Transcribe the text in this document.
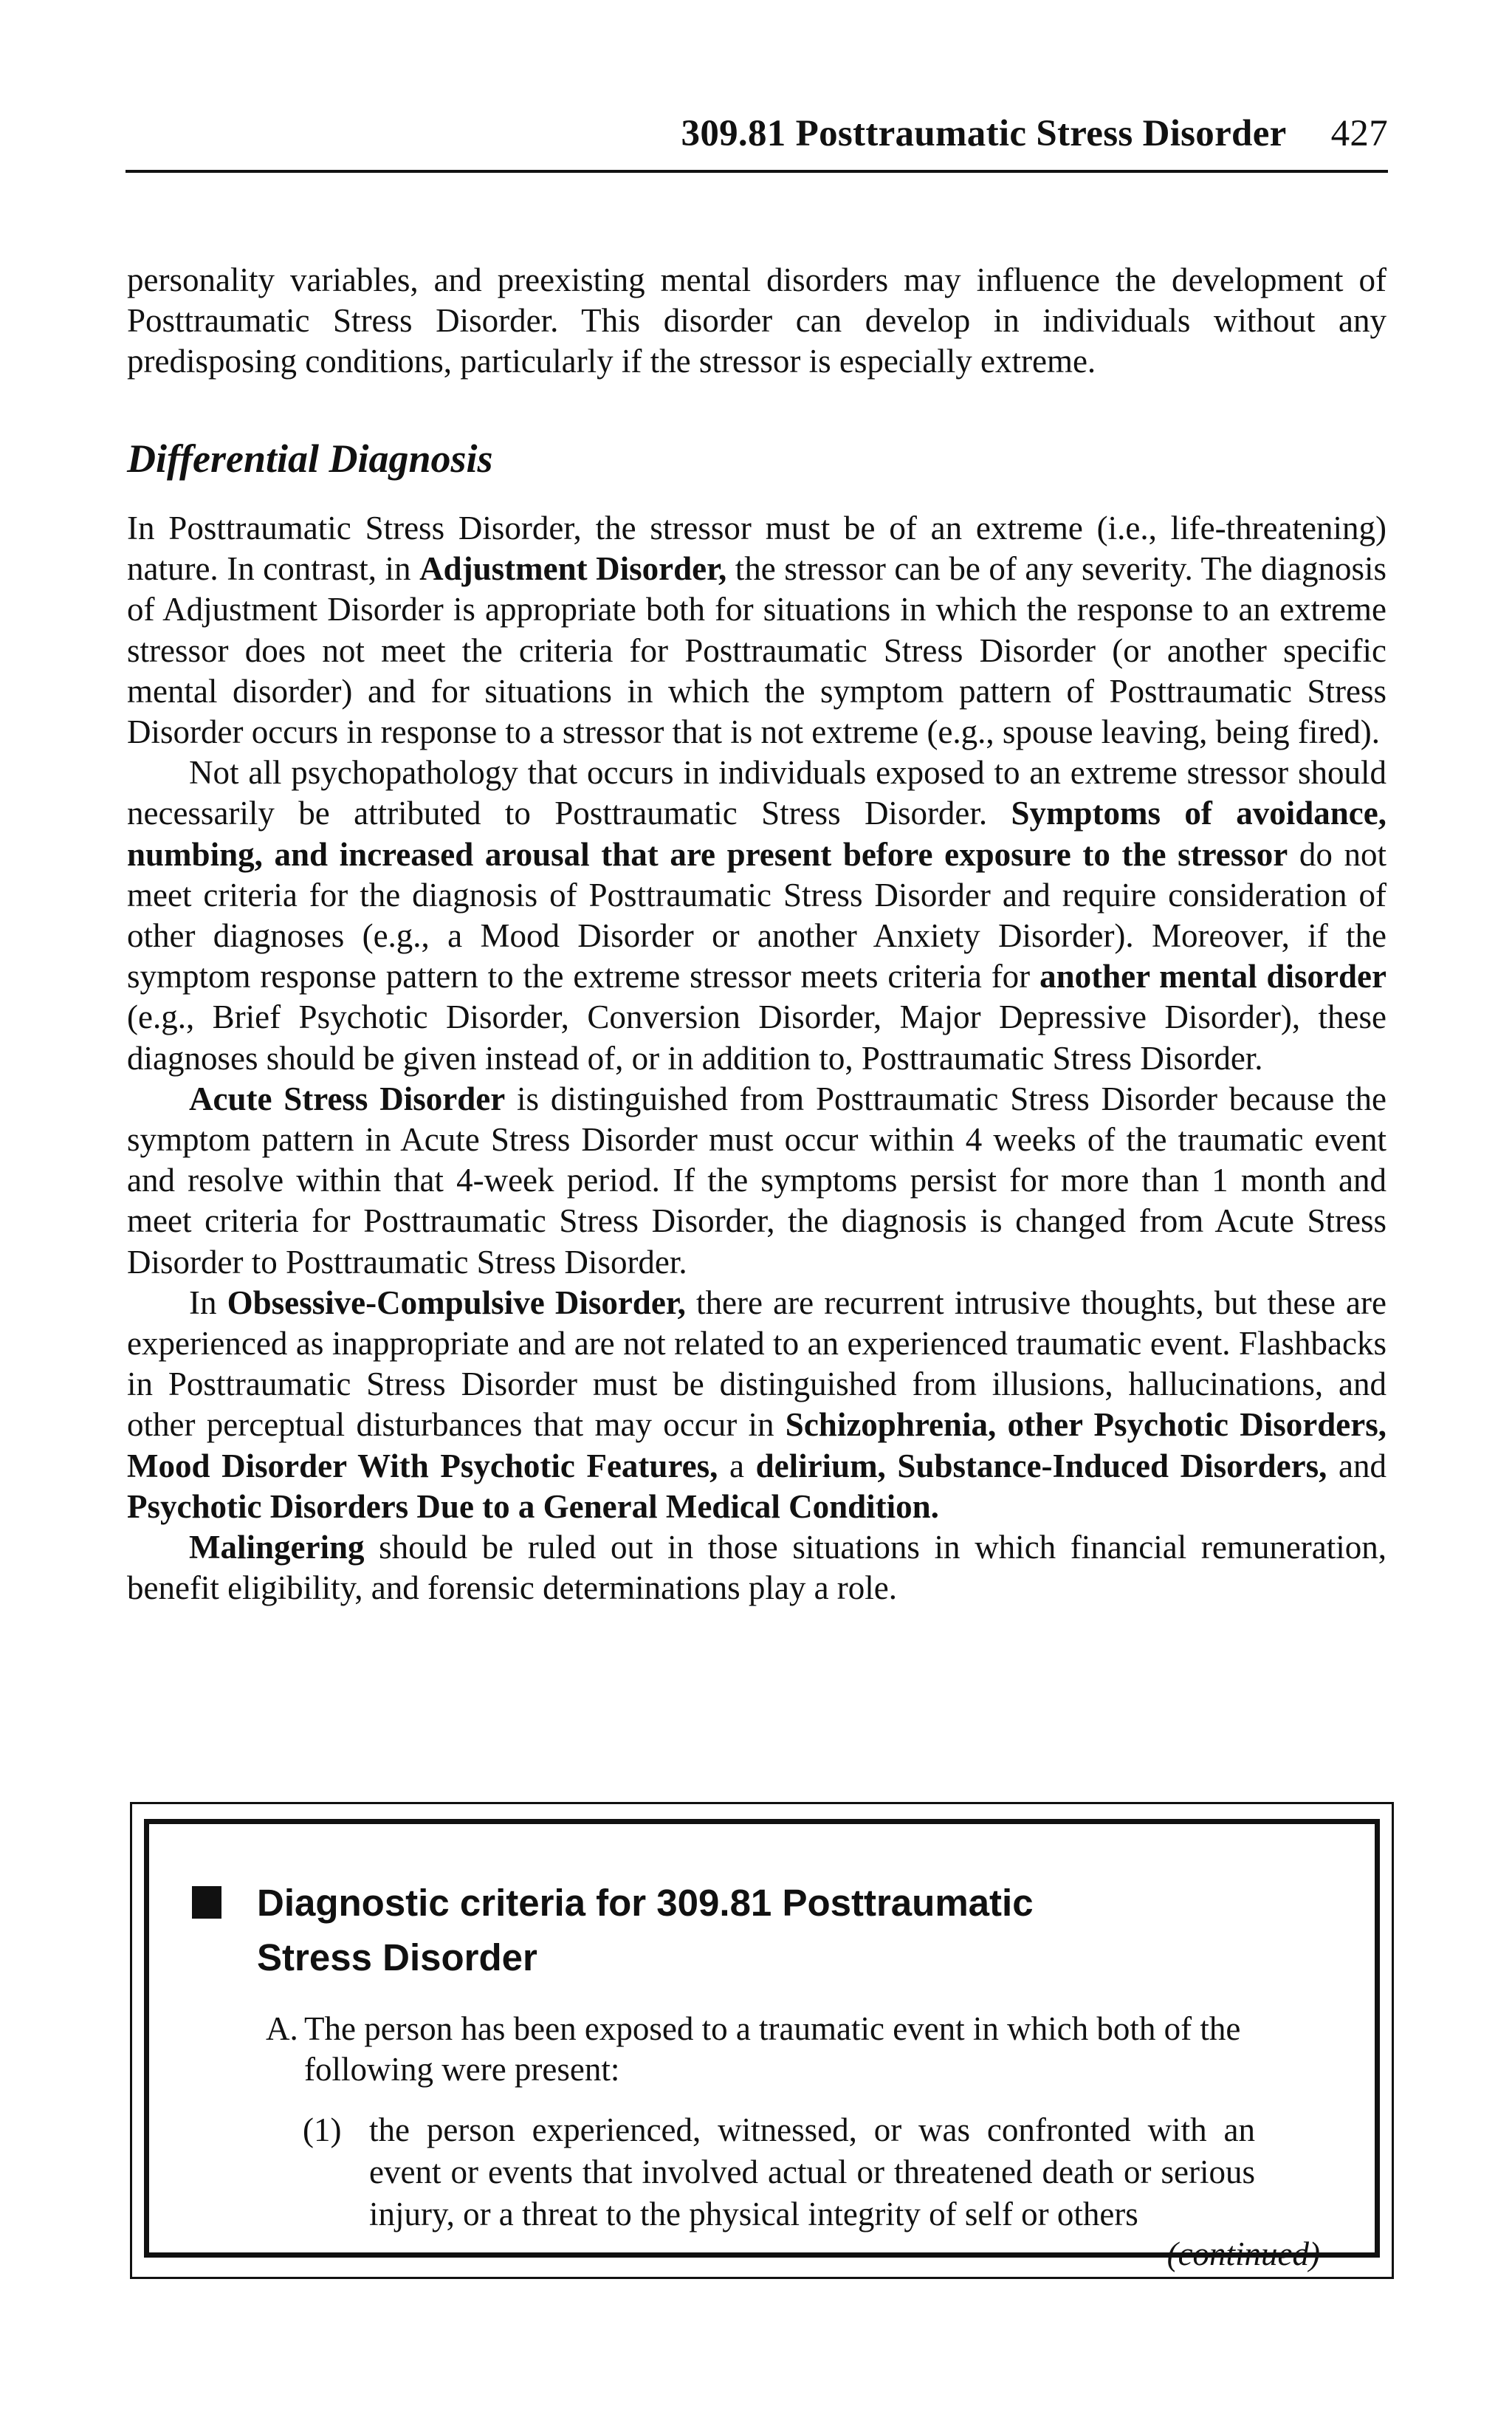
309.81 Posttraumatic Stress Disorder 427

personality variables, and preexisting mental disorders may influence the development of Posttraumatic Stress Disorder. This disorder can develop in individuals without any predisposing conditions, particularly if the stressor is especially extreme.

Differential Diagnosis

In Posttraumatic Stress Disorder, the stressor must be of an extreme (i.e., life-threatening) nature. In contrast, in Adjustment Disorder, the stressor can be of any severity. The diagnosis of Adjustment Disorder is appropriate both for situations in which the response to an extreme stressor does not meet the criteria for Posttraumatic Stress Disorder (or another specific mental disorder) and for situations in which the symptom pattern of Posttraumatic Stress Disorder occurs in response to a stressor that is not extreme (e.g., spouse leaving, being fired).

Not all psychopathology that occurs in individuals exposed to an extreme stressor should necessarily be attributed to Posttraumatic Stress Disorder. Symptoms of avoidance, numbing, and increased arousal that are present before exposure to the stressor do not meet criteria for the diagnosis of Posttraumatic Stress Disorder and require consideration of other diagnoses (e.g., a Mood Disorder or another Anxiety Disorder). Moreover, if the symptom response pattern to the extreme stressor meets criteria for another mental disorder (e.g., Brief Psychotic Disorder, Conversion Disorder, Major Depressive Disorder), these diagnoses should be given instead of, or in addition to, Posttraumatic Stress Disorder.

Acute Stress Disorder is distinguished from Posttraumatic Stress Disorder because the symptom pattern in Acute Stress Disorder must occur within 4 weeks of the traumatic event and resolve within that 4-week period. If the symptoms persist for more than 1 month and meet criteria for Posttraumatic Stress Disorder, the diagnosis is changed from Acute Stress Disorder to Posttraumatic Stress Disorder.

In Obsessive-Compulsive Disorder, there are recurrent intrusive thoughts, but these are experienced as inappropriate and are not related to an experienced traumatic event. Flashbacks in Posttraumatic Stress Disorder must be distinguished from illusions, hallucinations, and other perceptual disturbances that may occur in Schizophrenia, other Psychotic Disorders, Mood Disorder With Psychotic Features, a delirium, Substance-Induced Disorders, and Psychotic Disorders Due to a General Medical Condition.

Malingering should be ruled out in those situations in which financial remuneration, benefit eligibility, and forensic determinations play a role.

Diagnostic criteria for 309.81 Posttraumatic
Stress Disorder
A. The person has been exposed to a traumatic event in which both of the following were present:
(1) the person experienced, witnessed, or was confronted with an event or events that involved actual or threatened death or serious injury, or a threat to the physical integrity of self or others
(continued)
